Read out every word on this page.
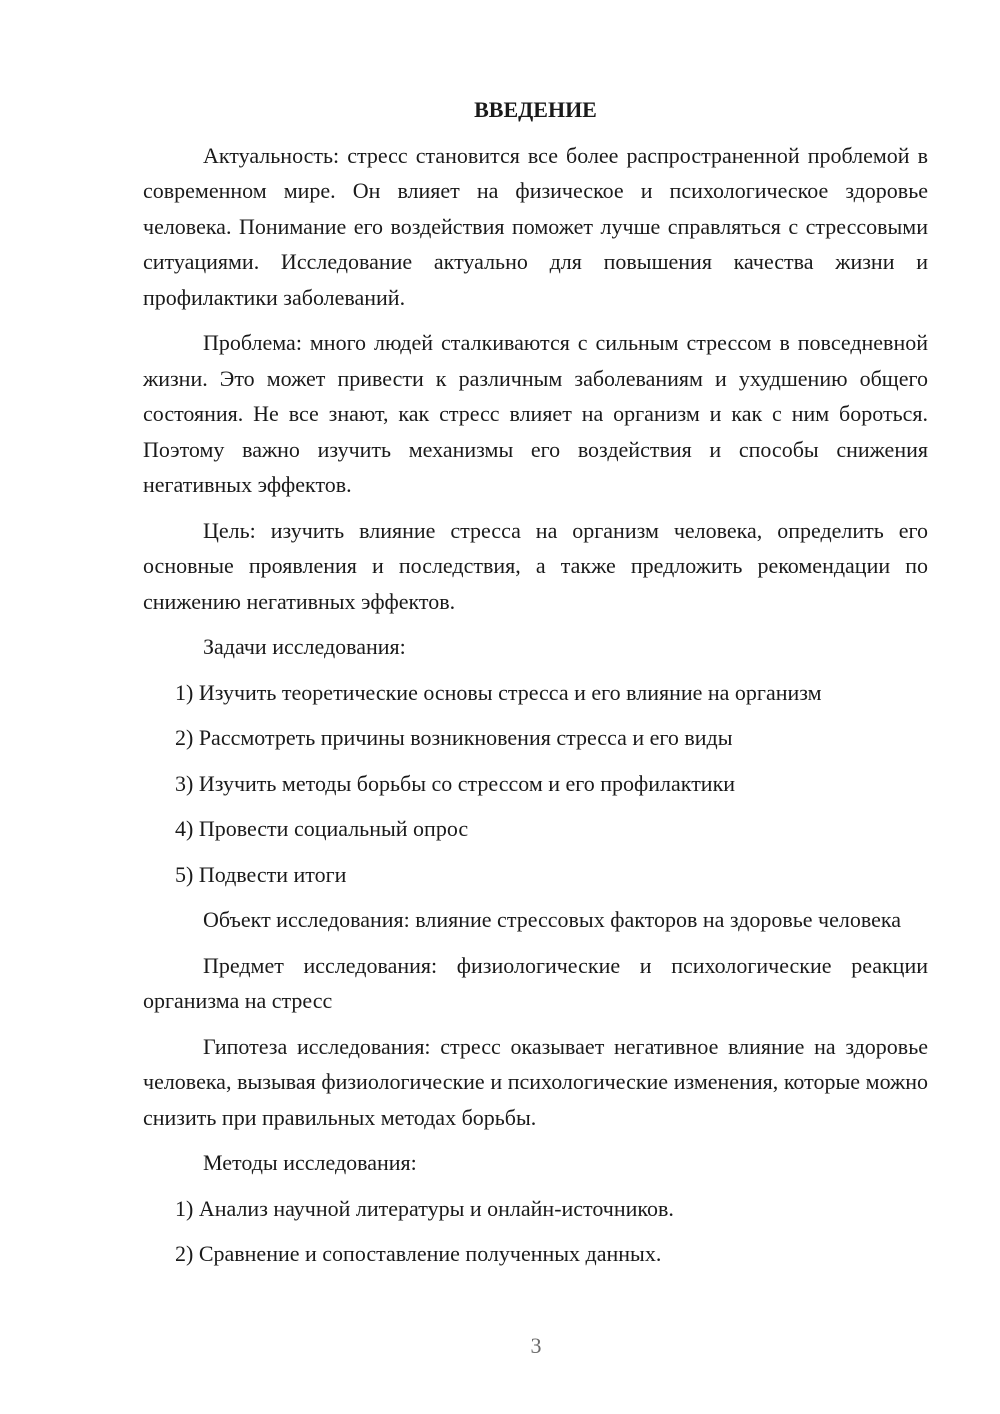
ВВЕДЕНИЕ

Актуальность: стресс становится все более распространенной проблемой в современном мире. Он влияет на физическое и психологическое здоровье человека. Понимание его воздействия поможет лучше справляться с стрессовыми ситуациями. Исследование актуально для повышения качества жизни и профилактики заболеваний.

Проблема: много людей сталкиваются с сильным стрессом в повседневной жизни. Это может привести к различным заболеваниям и ухудшению общего состояния. Не все знают, как стресс влияет на организм и как с ним бороться. Поэтому важно изучить механизмы его воздействия и способы снижения негативных эффектов.

Цель: изучить влияние стресса на организм человека, определить его основные проявления и последствия, а также предложить рекомендации по снижению негативных эффектов.

Задачи исследования:

1) Изучить теоретические основы стресса и его влияние на организм

2) Рассмотреть причины возникновения стресса и его виды

3) Изучить методы борьбы со стрессом и его профилактики

4) Провести социальный опрос

5) Подвести итоги

Объект исследования: влияние стрессовых факторов на здоровье человека

Предмет исследования: физиологические и психологические реакции организма на стресс

Гипотеза исследования: стресс оказывает негативное влияние на здоровье человека, вызывая физиологические и психологические изменения, которые можно снизить при правильных методах борьбы.

Методы исследования:

1) Анализ научной литературы и онлайн-источников.

2) Сравнение и сопоставление полученных данных.

3
